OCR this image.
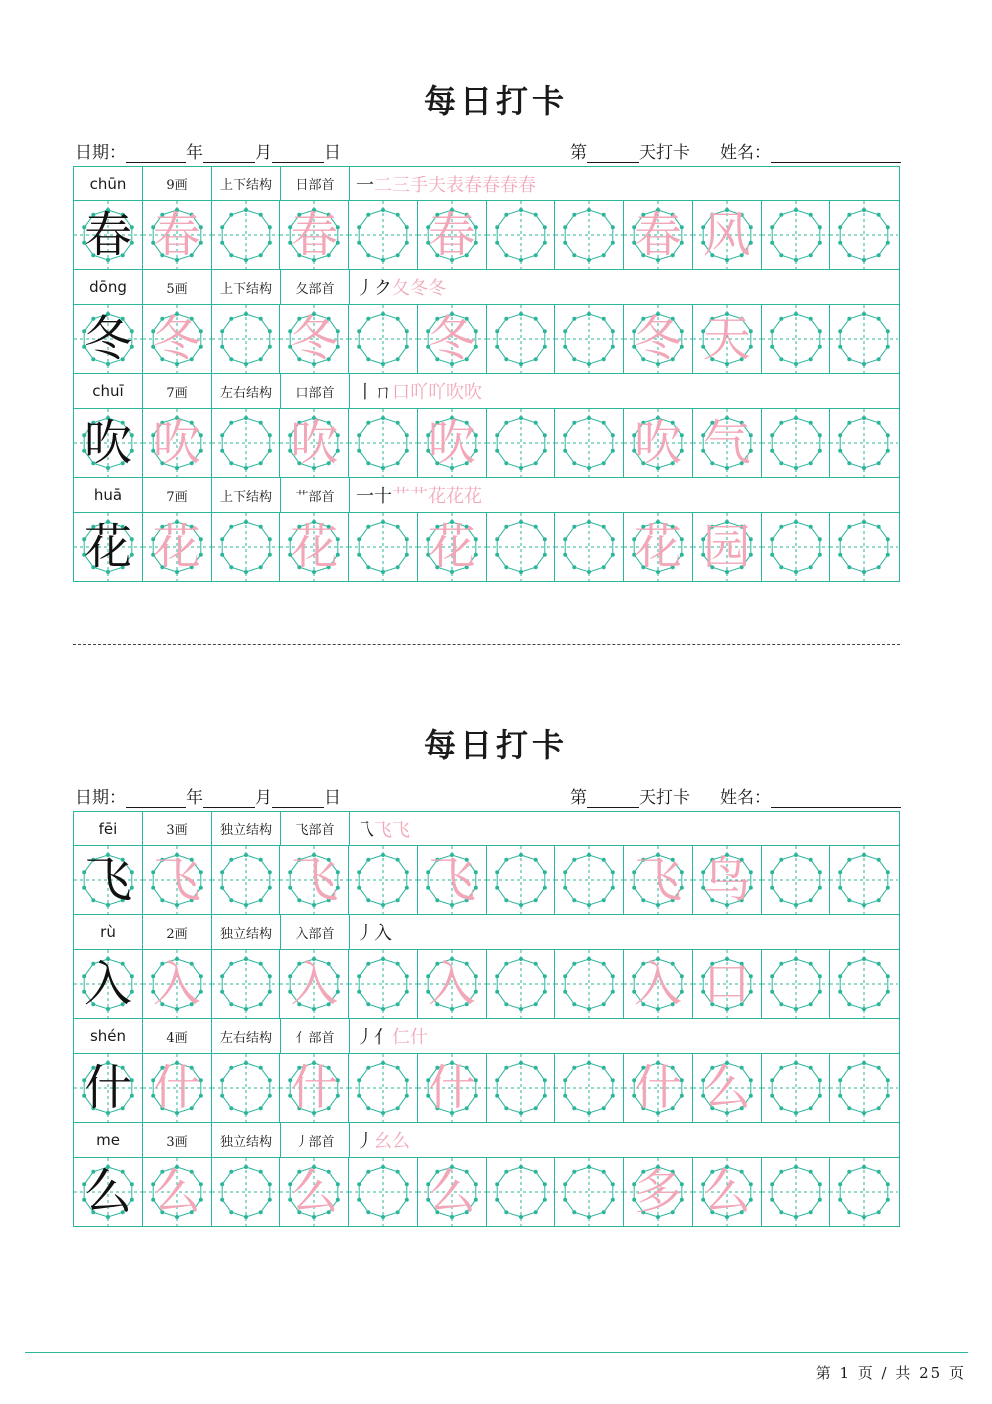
每日打卡
日期：	年	月	日	第	天打卡 姓名：
chūn	9画	上下结构	日部首	一 二三手夫表春春春春
春 春 春 春	春 风
dōng	5画	上下结构	夂部首	丿ク 夂冬冬
冬 冬 冬 冬	冬 天
chuī	7画	左右结构	口部首	丨ㄇ 口吖吖吹吹
吹 吹 吹 吹	吹 气
huā	7画	上下结构	艹部首	一十 艹艹花花花
花 花 花 花	花 园
每日打卡
日期：	年	月	日	第	天打卡 姓名：
fēi	3画	独立结构	飞部首	乁 飞飞
飞 飞 飞 飞	飞 鸟
rù	2画	独立结构	入部首	丿入
入 入 入 入	入 口
shén	4画	左右结构	亻部首	丿亻 仁什
什 什 什 什	什 么
me	3画	独立结构	丿部首	丿 幺么
么 么 么 么	多 么
第 1 页 / 共 25 页
